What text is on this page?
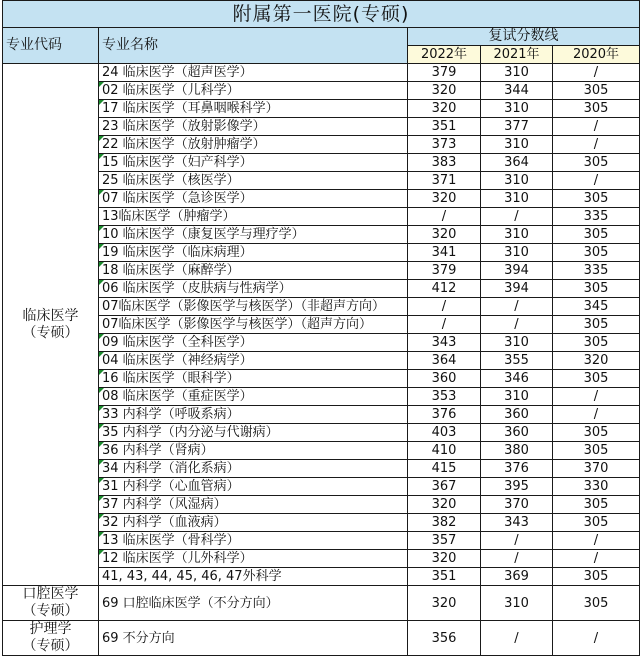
附属第一医院(专硕)				
专业代码	专业名称	复试分数线		
		2022年	2021年	2020年

临床医学
（专硕）	24 临床医学（超声医学）	379	310	/

02 临床医学（儿科学）	320	344	305

17 临床医学（耳鼻咽喉科学）	320	310	305
	23 临床医学（放射影像学）	351	377	/

22 临床医学（放射肿瘤学）	373	310	/

15 临床医学（妇产科学）	383	364	305
	25 临床医学（核医学）	371	310	/

07 临床医学（急诊医学）	320	310	305
	13临床医学（肿瘤学）	/	/	335

10 临床医学（康复医学与理疗学）	320	310	305

19 临床医学（临床病理）	341	310	305

18 临床医学（麻醉学）	379	394	335

06 临床医学（皮肤病与性病学）	412	394	305
	07临床医学（影像医学与核医学）（非超声方向）	/	/	345
	07临床医学（影像医学与核医学）（超声方向）	/	/	305

09 临床医学（全科医学）	343	310	305

04 临床医学（神经病学）	364	355	320

16 临床医学（眼科学）	360	346	305

08 临床医学（重症医学）	353	310	/

33 内科学（呼吸系病）	376	360	/

35 内科学（内分泌与代谢病）	403	360	305

36 内科学（肾病）	410	380	305

34 内科学（消化系病）	415	376	370

31 内科学（心血管病）	367	395	330

37 内科学（风湿病）	320	370	305

32 内科学（血液病）	382	343	305

13 临床医学（骨科学）	357	/	/

12 临床医学（儿外科学）	320	/	/
	41, 43, 44, 45, 46, 47外科学	351	369	305

口腔医学
（专硕）	69 口腔临床医学（不分方向）	320	310	305

护理学
（专硕）	69 不分方向	356	/	/
